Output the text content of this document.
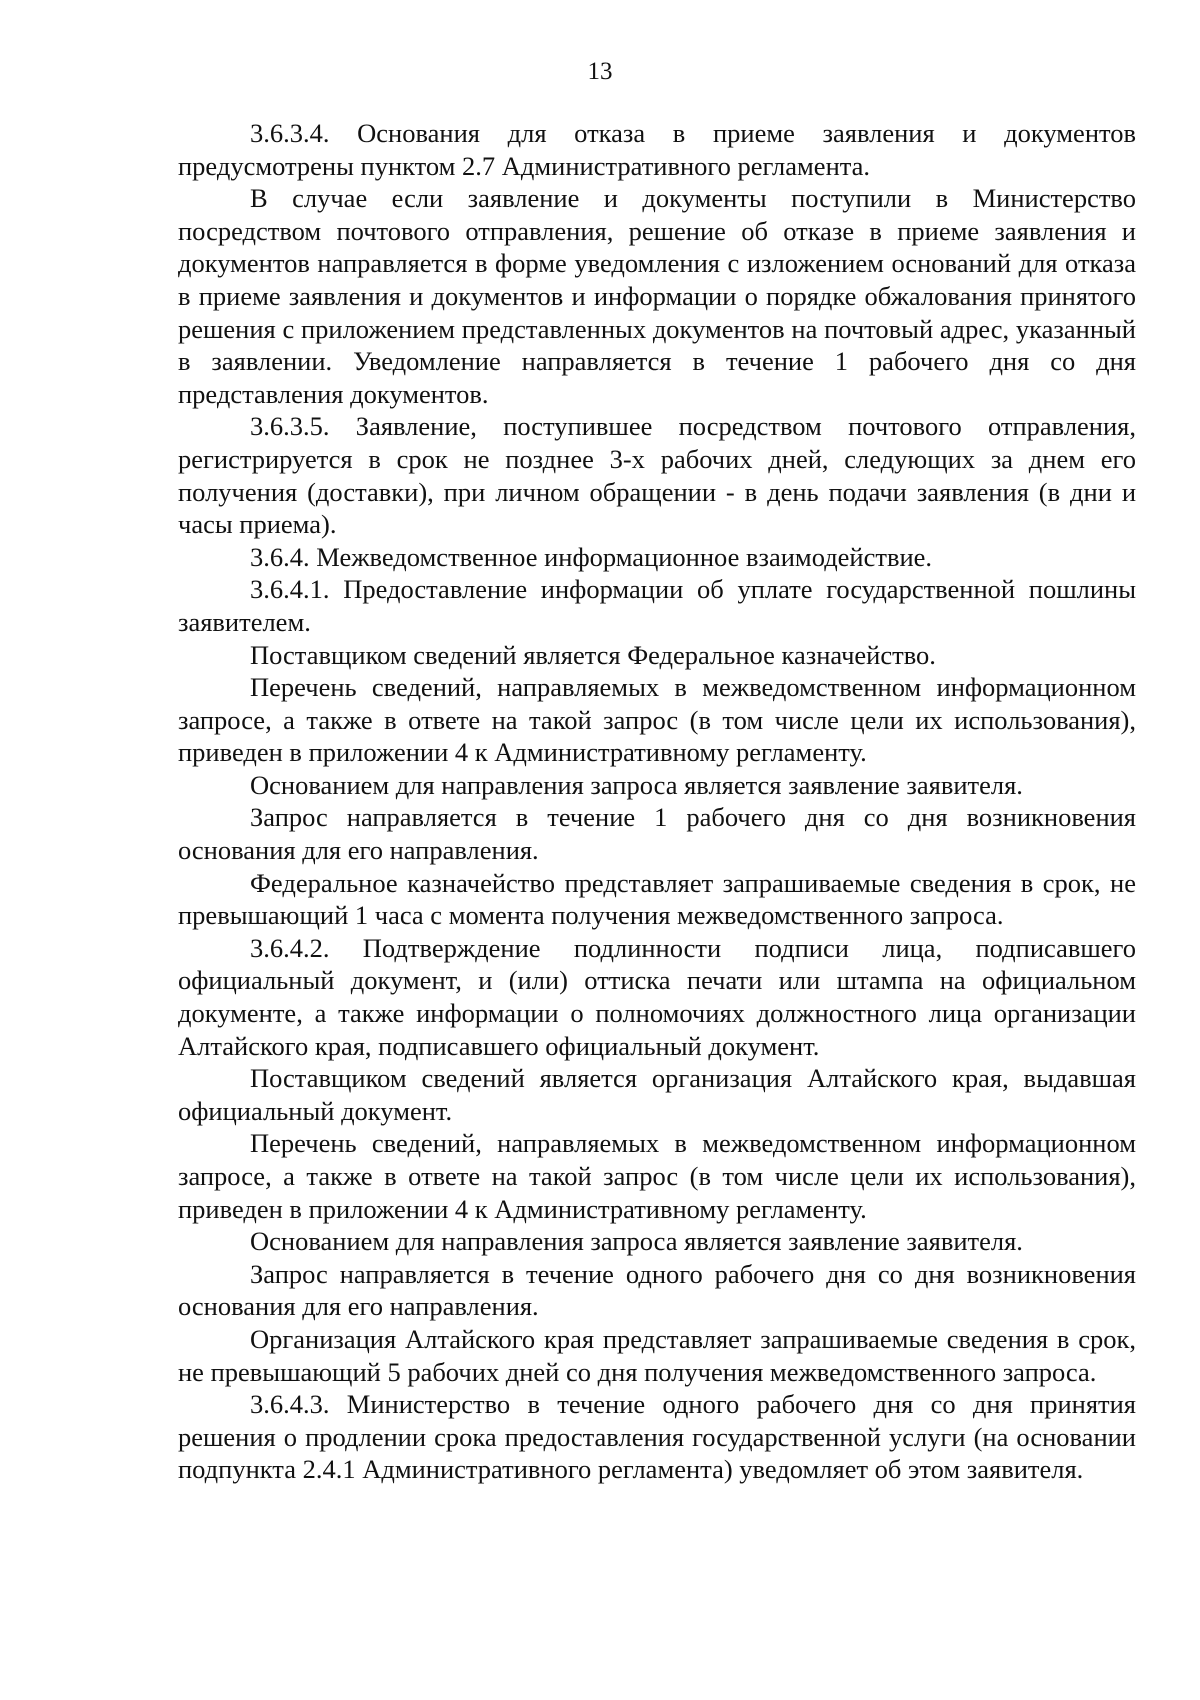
13

3.6.3.4. Основания для отказа в приеме заявления и документов предусмотрены пунктом 2.7 Административного регламента.

В случае если заявление и документы поступили в Министерство посредством почтового отправления, решение об отказе в приеме заявления и документов направляется в форме уведомления с изложением оснований для отказа в приеме заявления и документов и информации о порядке обжалования принятого решения с приложением представленных документов на почтовый адрес, указанный в заявлении. Уведомление направляется в течение 1 рабочего дня со дня представления документов.

3.6.3.5. Заявление, поступившее посредством почтового отправления, регистрируется в срок не позднее 3-х рабочих дней, следующих за днем его получения (доставки), при личном обращении - в день подачи заявления (в дни и часы приема).

3.6.4. Межведомственное информационное взаимодействие.

3.6.4.1. Предоставление информации об уплате государственной пошлины заявителем.

Поставщиком сведений является Федеральное казначейство.

Перечень сведений, направляемых в межведомственном информационном запросе, а также в ответе на такой запрос (в том числе цели их использования), приведен в приложении 4 к Административному регламенту.

Основанием для направления запроса является заявление заявителя.

Запрос направляется в течение 1 рабочего дня со дня возникновения основания для его направления.

Федеральное казначейство представляет запрашиваемые сведения в срок, не превышающий 1 часа с момента получения межведомственного запроса.

3.6.4.2. Подтверждение подлинности подписи лица, подписавшего официальный документ, и (или) оттиска печати или штампа на официальном документе, а также информации о полномочиях должностного лица организации Алтайского края, подписавшего официальный документ.

Поставщиком сведений является организация Алтайского края, выдавшая официальный документ.

Перечень сведений, направляемых в межведомственном информационном запросе, а также в ответе на такой запрос (в том числе цели их использования), приведен в приложении 4 к Административному регламенту.

Основанием для направления запроса является заявление заявителя.

Запрос направляется в течение одного рабочего дня со дня возникновения основания для его направления.

Организация Алтайского края представляет запрашиваемые сведения в срок, не превышающий 5 рабочих дней со дня получения межведомственного запроса.

3.6.4.3. Министерство в течение одного рабочего дня со дня принятия решения о продлении срока предоставления государственной услуги (на основании подпункта 2.4.1 Административного регламента) уведомляет об этом заявителя.
